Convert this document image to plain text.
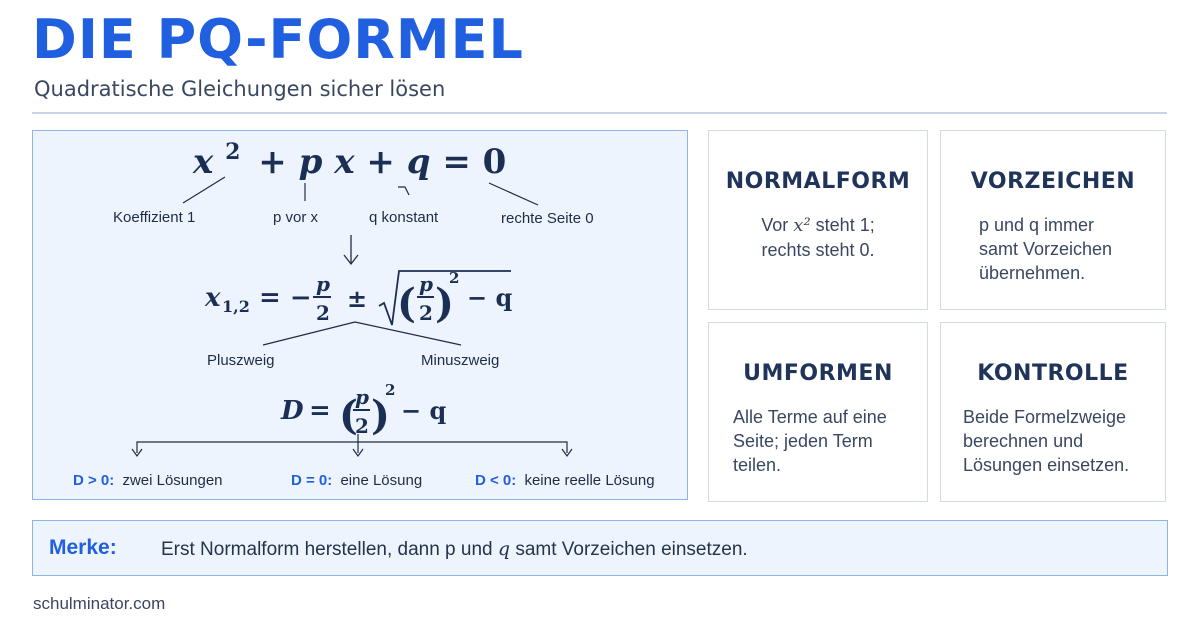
DIE PQ-FORMEL
Quadratische Gleichungen sicher lösen
x $^2$ + p x + q = 0
Koeffizient 1	p vor x	q konstant	rechte Seite 0
x 1,2 = − p
2 ± ( p
2 )
2
− q
Pluszweig	Minuszweig
D = (
p
2 )
2
− q
D > 0: zwei Lösungen	D = 0: eine Lösung	D < 0: keine reelle Lösung
NORMALFORM
Vor x² steht 1;
rechts steht 0.
VORZEICHEN
p und q immer samt Vorzeichen übernehmen.
UMFORMEN
Alle Terme auf eine Seite; jeden Term teilen.
KONTROLLE
Beide Formelzweige berechnen und Lösungen einsetzen.
Merke: Erst Normalform herstellen, dann p und q samt Vorzeichen einsetzen.
schulminator.com
